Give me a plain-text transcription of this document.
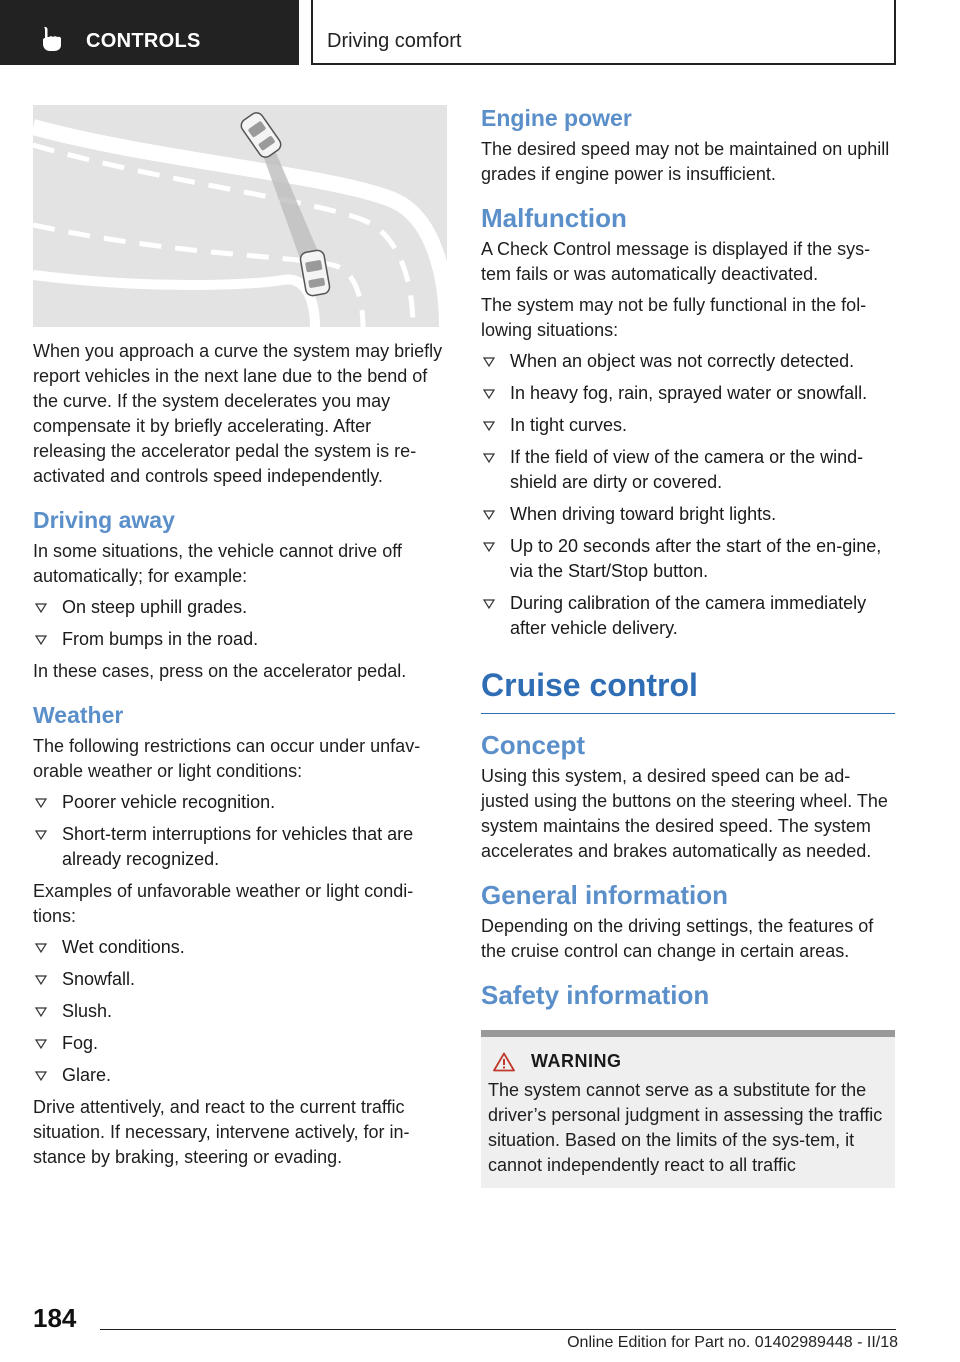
CONTROLS	Driving comfort

When you approach a curve the system may briefly report vehicles in the next lane due to the bend of the curve. If the system decelerates you may compensate it by briefly accelerating. After releasing the accelerator pedal the system is re-activated and controls speed independently.

Driving away

In some situations, the vehicle cannot drive off automatically; for example:

On steep uphill grades.
From bumps in the road.

In these cases, press on the accelerator pedal.

Weather

The following restrictions can occur under unfav-orable weather or light conditions:

Poorer vehicle recognition.
Short-term interruptions for vehicles that are already recognized.

Examples of unfavorable weather or light condi-tions:

Wet conditions.
Snowfall.
Slush.
Fog.
Glare.

Drive attentively, and react to the current traffic situation. If necessary, intervene actively, for in-stance by braking, steering or evading.

Engine power

The desired speed may not be maintained on uphill grades if engine power is insufficient.

Malfunction

A Check Control message is displayed if the sys-tem fails or was automatically deactivated.

The system may not be fully functional in the fol-lowing situations:

When an object was not correctly detected.
In heavy fog, rain, sprayed water or snowfall.
In tight curves.
If the field of view of the camera or the wind-shield are dirty or covered.
When driving toward bright lights.
Up to 20 seconds after the start of the en-gine, via the Start/Stop button.
During calibration of the camera immediately after vehicle delivery.
Cruise control
Concept

Using this system, a desired speed can be ad-justed using the buttons on the steering wheel. The system maintains the desired speed. The system accelerates and brakes automatically as needed.

General information

Depending on the driving settings, the features of the cruise control can change in certain areas.

Safety information
WARNING

The system cannot serve as a substitute for the driver’s personal judgment in assessing the traffic situation. Based on the limits of the sys-tem, it cannot independently react to all traffic

184
Online Edition for Part no. 01402989448 - II/18
